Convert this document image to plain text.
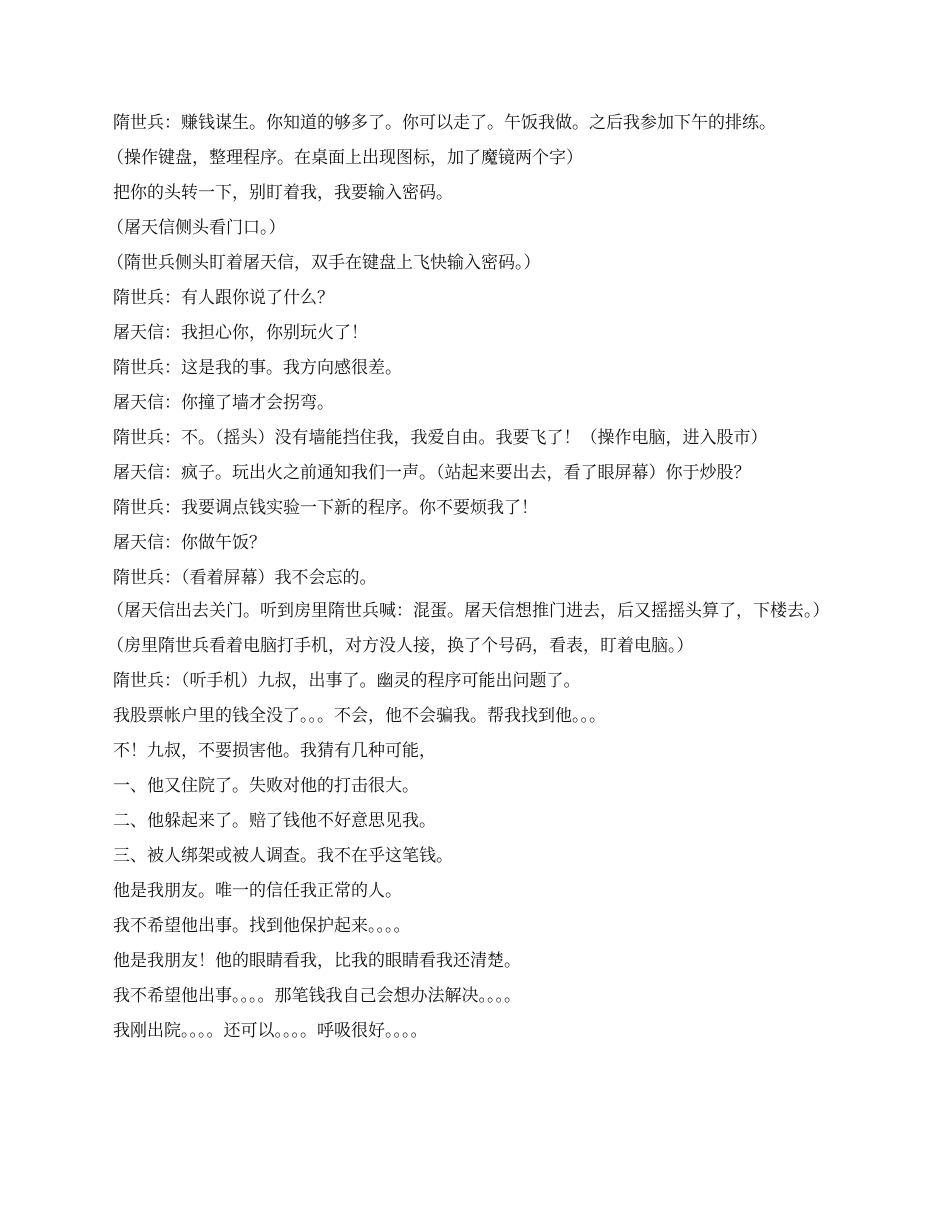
隋世兵：赚钱谋生。你知道的够多了。你可以走了。午饭我做。之后我参加下午的排练。

（操作键盘，整理程序。在桌面上出现图标，加了魔镜两个字）

把你的头转一下，别盯着我，我要输入密码。

（屠天信侧头看门口。）

（隋世兵侧头盯着屠天信，双手在键盘上飞快输入密码。）

隋世兵：有人跟你说了什么？

屠天信：我担心你，你别玩火了！

隋世兵：这是我的事。我方向感很差。

屠天信：你撞了墙才会拐弯。

隋世兵：不。（摇头）没有墙能挡住我，我爱自由。我要飞了！（操作电脑，进入股市）

屠天信：疯子。玩出火之前通知我们一声。（站起来要出去，看了眼屏幕）你于炒股？

隋世兵：我要调点钱实验一下新的程序。你不要烦我了！

屠天信：你做午饭？

隋世兵：（看着屏幕）我不会忘的。

（屠天信出去关门。听到房里隋世兵喊：混蛋。屠天信想推门进去，后又摇摇头算了，下楼去。）

（房里隋世兵看着电脑打手机，对方没人接，换了个号码，看表，盯着电脑。）

隋世兵：（听手机）九叔，出事了。幽灵的程序可能出问题了。

我股票帐户里的钱全没了。。。不会，他不会骗我。帮我找到他。。。

不！九叔，不要损害他。我猜有几种可能，

一、他又住院了。失败对他的打击很大。

二、他躲起来了。赔了钱他不好意思见我。

三、被人绑架或被人调查。我不在乎这笔钱。

他是我朋友。唯一的信任我正常的人。

我不希望他出事。找到他保护起来。。。。

他是我朋友！他的眼睛看我，比我的眼睛看我还清楚。

我不希望他出事。。。。那笔钱我自己会想办法解决。。。。

我刚出院。。。。还可以。。。。呼吸很好。。。。
